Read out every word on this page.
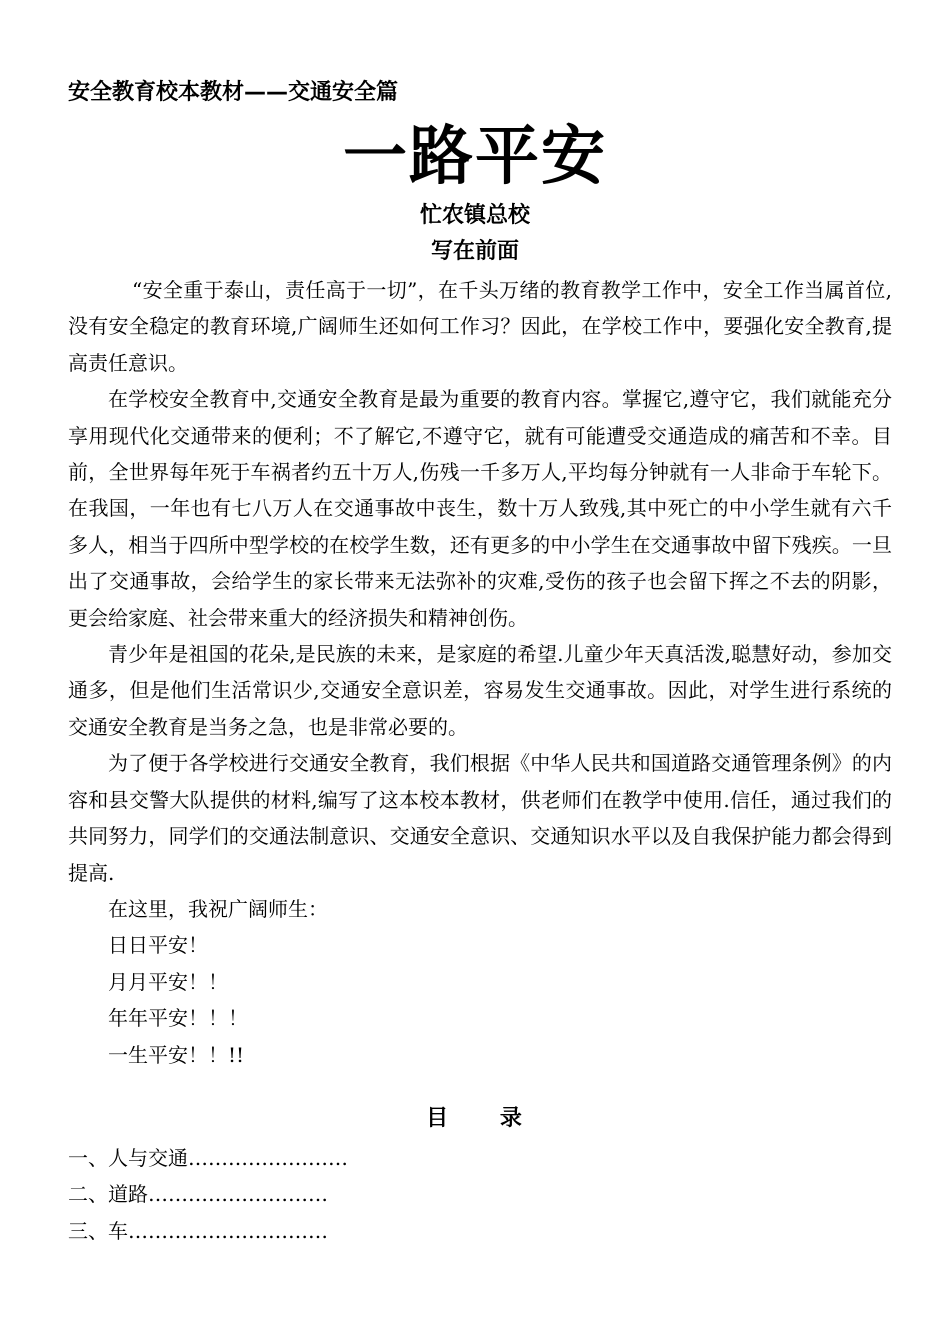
安全教育校本教材——交通安全篇
一路平安
忙农镇总校
写在前面

“安全重于泰山，责任高于一切”，在千头万绪的教育教学工作中，安全工作当属首位,没有安全稳定的教育环境,广阔师生还如何工作习？因此，在学校工作中，要强化安全教育,提高责任意识。

在学校安全教育中,交通安全教育是最为重要的教育内容。掌握它,遵守它，我们就能充分享用现代化交通带来的便利；不了解它,不遵守它，就有可能遭受交通造成的痛苦和不幸。目前，全世界每年死于车祸者约五十万人,伤残一千多万人,平均每分钟就有一人非命于车轮下。在我国，一年也有七八万人在交通事故中丧生，数十万人致残,其中死亡的中小学生就有六千多人，相当于四所中型学校的在校学生数，还有更多的中小学生在交通事故中留下残疾。一旦出了交通事故，会给学生的家长带来无法弥补的灾难,受伤的孩子也会留下挥之不去的阴影，更会给家庭、社会带来重大的经济损失和精神创伤。

青少年是祖国的花朵,是民族的未来，是家庭的希望.儿童少年天真活泼,聪慧好动，参加交通多，但是他们生活常识少,交通安全意识差，容易发生交通事故。因此，对学生进行系统的交通安全教育是当务之急，也是非常必要的。

为了便于各学校进行交通安全教育，我们根据《中华人民共和国道路交通管理条例》的内容和县交警大队提供的材料,编写了这本校本教材，供老师们在教学中使用.信任，通过我们的共同努力，同学们的交通法制意识、交通安全意识、交通知识水平以及自我保护能力都会得到提高.

在这里，我祝广阔师生：

日日平安！
月月平安！！
年年平安！！！
一生平安！！!!
目 录
一、人与交通……………………
二、道路………………………
三、车…………………………
